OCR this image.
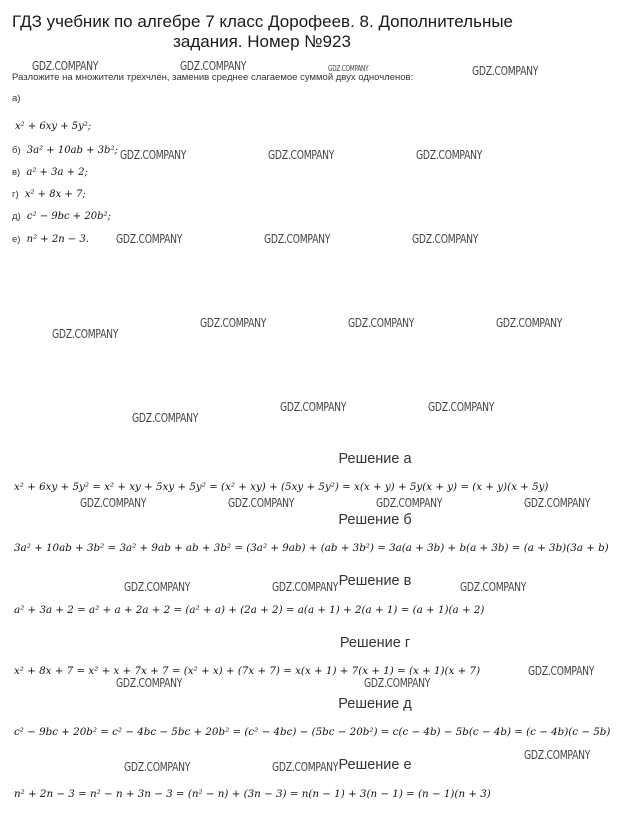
ГДЗ учебник по алгебре 7 класс Дорофеев. 8. Дополнительные
задания. Номер №923
Разложите на множители трехчлен, заменив среднее слагаемое суммой двух одночленов:
а)
x² + 6xy + 5y²;
б) 3a² + 10ab + 3b²;
в) a² + 3a + 2;
г) x² + 8x + 7;
д) c² − 9bc + 20b²;
е) n² + 2n − 3.
Решение а
x² + 6xy + 5y² = x² + xy + 5xy + 5y² = (x² + xy) + (5xy + 5y²) = x(x + y) + 5y(x + y) = (x + y)(x + 5y)
Решение б
3a² + 10ab + 3b² = 3a² + 9ab + ab + 3b² = (3a² + 9ab) + (ab + 3b²) = 3a(a + 3b) + b(a + 3b) = (a + 3b)(3a + b)
Решение в
a² + 3a + 2 = a² + a + 2a + 2 = (a² + a) + (2a + 2) = a(a + 1) + 2(a + 1) = (a + 1)(a + 2)
Решение г
x² + 8x + 7 = x² + x + 7x + 7 = (x² + x) + (7x + 7) = x(x + 1) + 7(x + 1) = (x + 1)(x + 7)
Решение д
c² − 9bc + 20b² = c² − 4bc − 5bc + 20b² = (c² − 4bc) − (5bc − 20b²) = c(c − 4b) − 5b(c − 4b) = (c − 4b)(c − 5b)
Решение е
n² + 2n − 3 = n² − n + 3n − 3 = (n² − n) + (3n − 3) = n(n − 1) + 3(n − 1) = (n − 1)(n + 3)
GDZ.COMPANY	GDZ.COMPANY	GDZ.COMPANY	GDZ.COMPANY
GDZ.COMPANY	GDZ.COMPANY	GDZ.COMPANY
GDZ.COMPANY	GDZ.COMPANY	GDZ.COMPANY
GDZ.COMPANY
GDZ.COMPANY	GDZ.COMPANY	GDZ.COMPANY
GDZ.COMPANY
GDZ.COMPANY	GDZ.COMPANY
GDZ.COMPANY	GDZ.COMPANY	GDZ.COMPANY	GDZ.COMPANY
GDZ.COMPANY	GDZ.COMPANY	GDZ.COMPANY
GDZ.COMPANY	GDZ.COMPANY
GDZ.COMPANY
GDZ.COMPANY	GDZ.COMPANY
GDZ.COMPANY
